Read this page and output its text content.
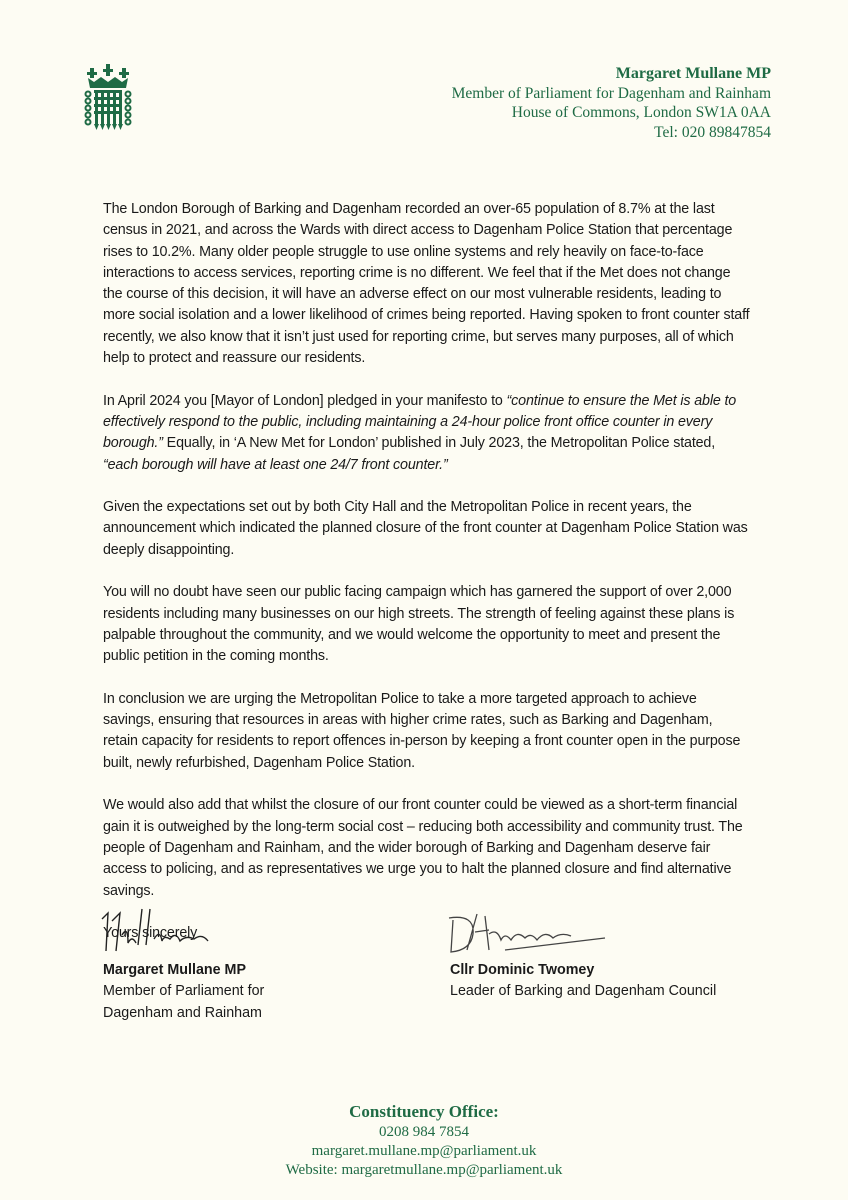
Margaret Mullane MP
Member of Parliament for Dagenham and Rainham
House of Commons, London SW1A 0AA
Tel: 020 89847854

The London Borough of Barking and Dagenham recorded an over-65 population of 8.7% at the last census in 2021, and across the Wards with direct access to Dagenham Police Station that percentage rises to 10.2%. Many older people struggle to use online systems and rely heavily on face-to-face interactions to access services, reporting crime is no different. We feel that if the Met does not change the course of this decision, it will have an adverse effect on our most vulnerable residents, leading to more social isolation and a lower likelihood of crimes being reported. Having spoken to front counter staff recently, we also know that it isn’t just used for reporting crime, but serves many purposes, all of which help to protect and reassure our residents.

In April 2024 you [Mayor of London] pledged in your manifesto to “continue to ensure the Met is able to effectively respond to the public, including maintaining a 24-hour police front office counter in every borough.” Equally, in ‘A New Met for London’ published in July 2023, the Metropolitan Police stated, “each borough will have at least one 24/7 front counter.”

Given the expectations set out by both City Hall and the Metropolitan Police in recent years, the announcement which indicated the planned closure of the front counter at Dagenham Police Station was deeply disappointing.

You will no doubt have seen our public facing campaign which has garnered the support of over 2,000 residents including many businesses on our high streets. The strength of feeling against these plans is palpable throughout the community, and we would welcome the opportunity to meet and present the public petition in the coming months.

In conclusion we are urging the Metropolitan Police to take a more targeted approach to achieve savings, ensuring that resources in areas with higher crime rates, such as Barking and Dagenham, retain capacity for residents to report offences in-person by keeping a front counter open in the purpose built, newly refurbished, Dagenham Police Station.

We would also add that whilst the closure of our front counter could be viewed as a short-term financial gain it is outweighed by the long-term social cost – reducing both accessibility and community trust. The people of Dagenham and Rainham, and the wider borough of Barking and Dagenham deserve fair access to policing, and as representatives we urge you to halt the planned closure and find alternative savings.

Yours sincerely

Margaret Mullane MP
Member of Parliament for
Dagenham and Rainham
Cllr Dominic Twomey
Leader of Barking and Dagenham Council
Constituency Office:
0208 984 7854
margaret.mullane.mp@parliament.uk
Website: margaretmullane.mp@parliament.uk
